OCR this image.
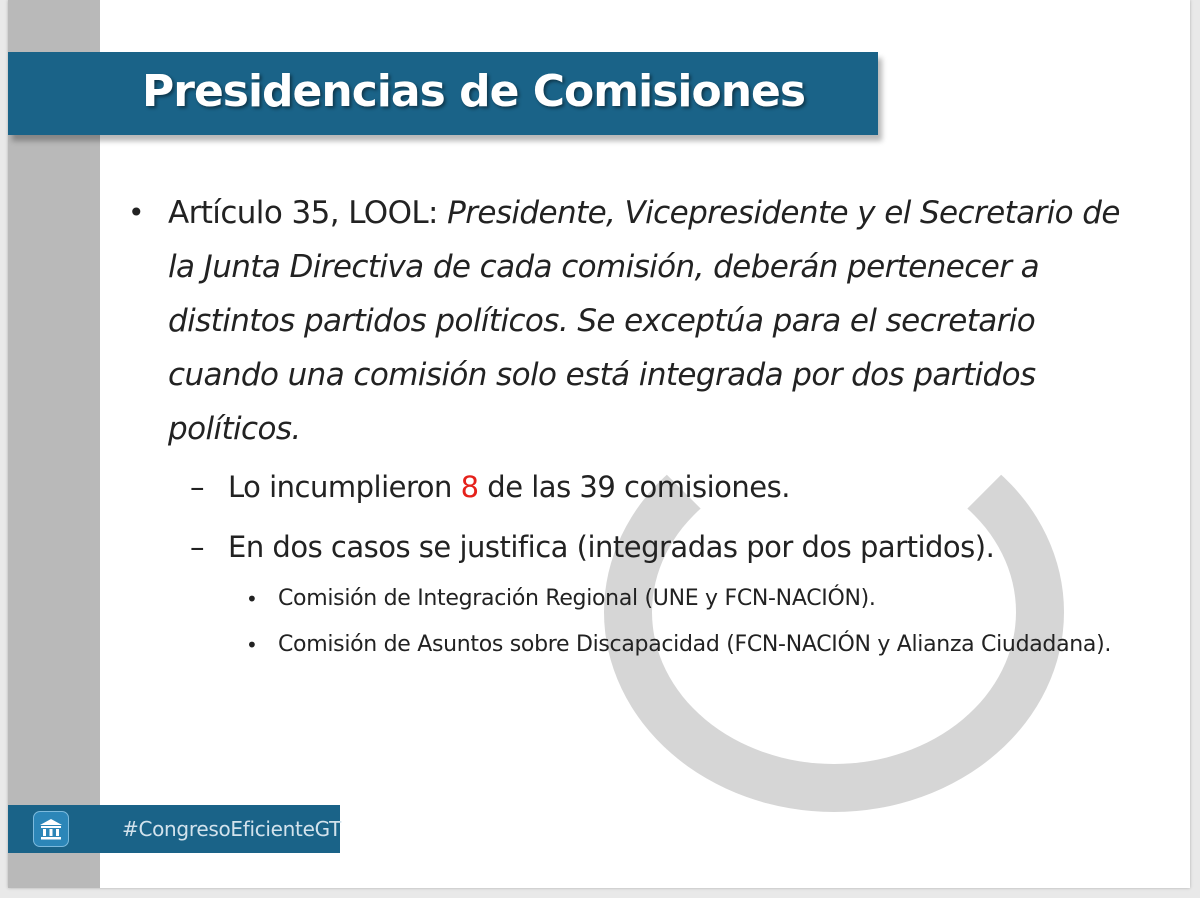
Presidencias de Comisiones
• Artículo 35, LOOL: Presidente, Vicepresidente y el Secretario de la Junta Directiva de cada comisión, deberán pertenecer a distintos partidos políticos. Se exceptúa para el secretario cuando una comisión solo está integrada por dos partidos políticos.
– Lo incumplieron 8 de las 39 comisiones.
– En dos casos se justifica (integradas por dos partidos).
• Comisión de Integración Regional (UNE y FCN-NACIÓN).
• Comisión de Asuntos sobre Discapacidad (FCN-NACIÓN y Alianza Ciudadana).
#CongresoEficienteGT
